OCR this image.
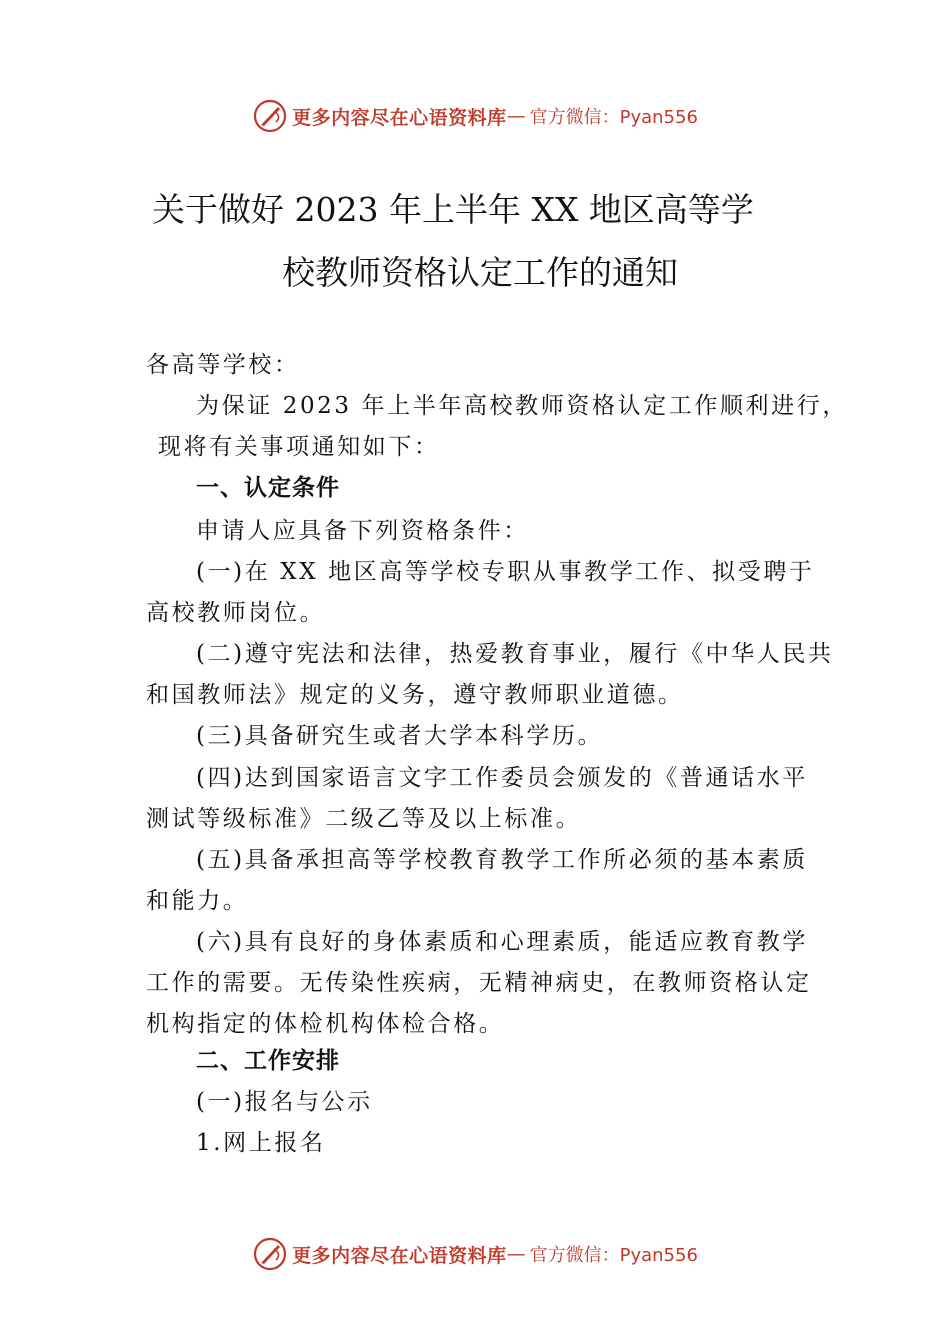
更多内容尽在心语资料库 — 官方微信：Pyan556
关于做好 2023 年上半年 XX 地区高等学
校教师资格认定工作的通知
各高等学校：
为保证 2023 年上半年高校教师资格认定工作顺利进行，
现将有关事项通知如下：
一、认定条件
申请人应具备下列资格条件：
(一)在 XX 地区高等学校专职从事教学工作、拟受聘于
高校教师岗位。
(二)遵守宪法和法律，热爱教育事业，履行《中华人民共
和国教师法》规定的义务，遵守教师职业道德。
(三)具备研究生或者大学本科学历。
(四)达到国家语言文字工作委员会颁发的《普通话水平
测试等级标准》二级乙等及以上标准。
(五)具备承担高等学校教育教学工作所必须的基本素质
和能力。
(六)具有良好的身体素质和心理素质，能适应教育教学
工作的需要。无传染性疾病，无精神病史，在教师资格认定
机构指定的体检机构体检合格。
二、工作安排
(一)报名与公示
1.网上报名
更多内容尽在心语资料库 — 官方微信：Pyan556
